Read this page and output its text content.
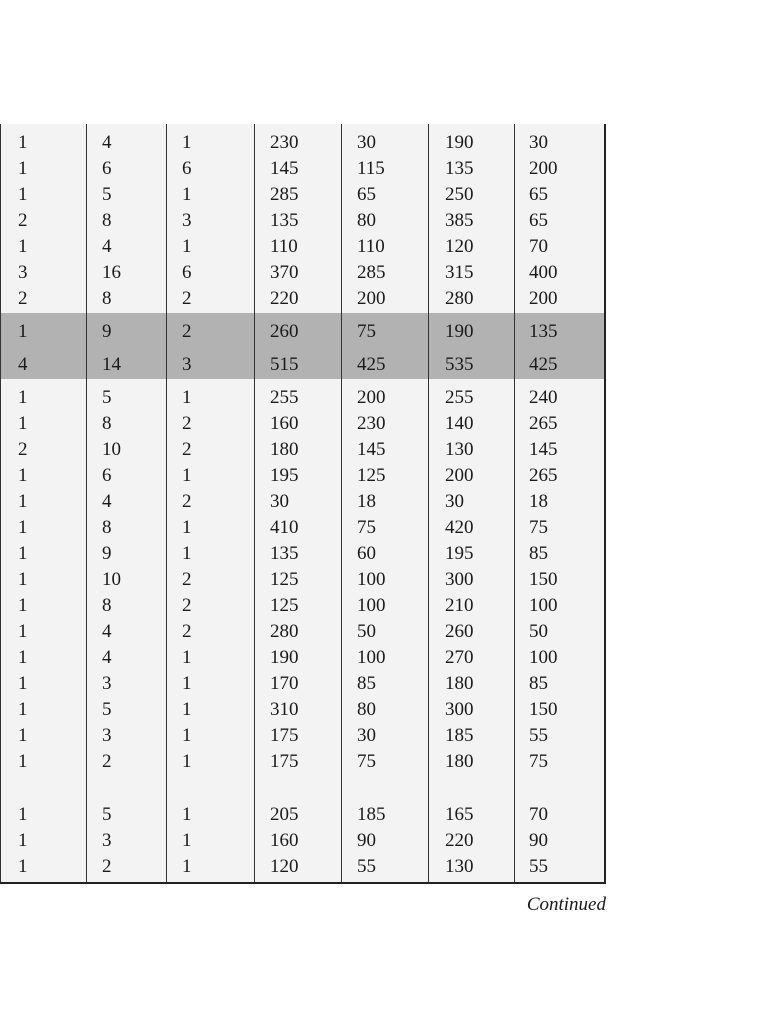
1	4	1	230	30	190	30
1	6	6	145	115	135	200
1	5	1	285	65	250	65
2	8	3	135	80	385	65
1	4	1	110	110	120	70
3	16	6	370	285	315	400
2	8	2	220	200	280	200
1	9	2	260	75	190	135
4	14	3	515	425	535	425
1	5	1	255	200	255	240
1	8	2	160	230	140	265
2	10	2	180	145	130	145
1	6	1	195	125	200	265
1	4	2	30	18	30	18
1	8	1	410	75	420	75
1	9	1	135	60	195	85
1	10	2	125	100	300	150
1	8	2	125	100	210	100
1	4	2	280	50	260	50
1	4	1	190	100	270	100
1	3	1	170	85	180	85
1	5	1	310	80	300	150
1	3	1	175	30	185	55
1	2	1	175	75	180	75
1	5	1	205	185	165	70
1	3	1	160	90	220	90
1	2	1	120	55	130	55
Continued
